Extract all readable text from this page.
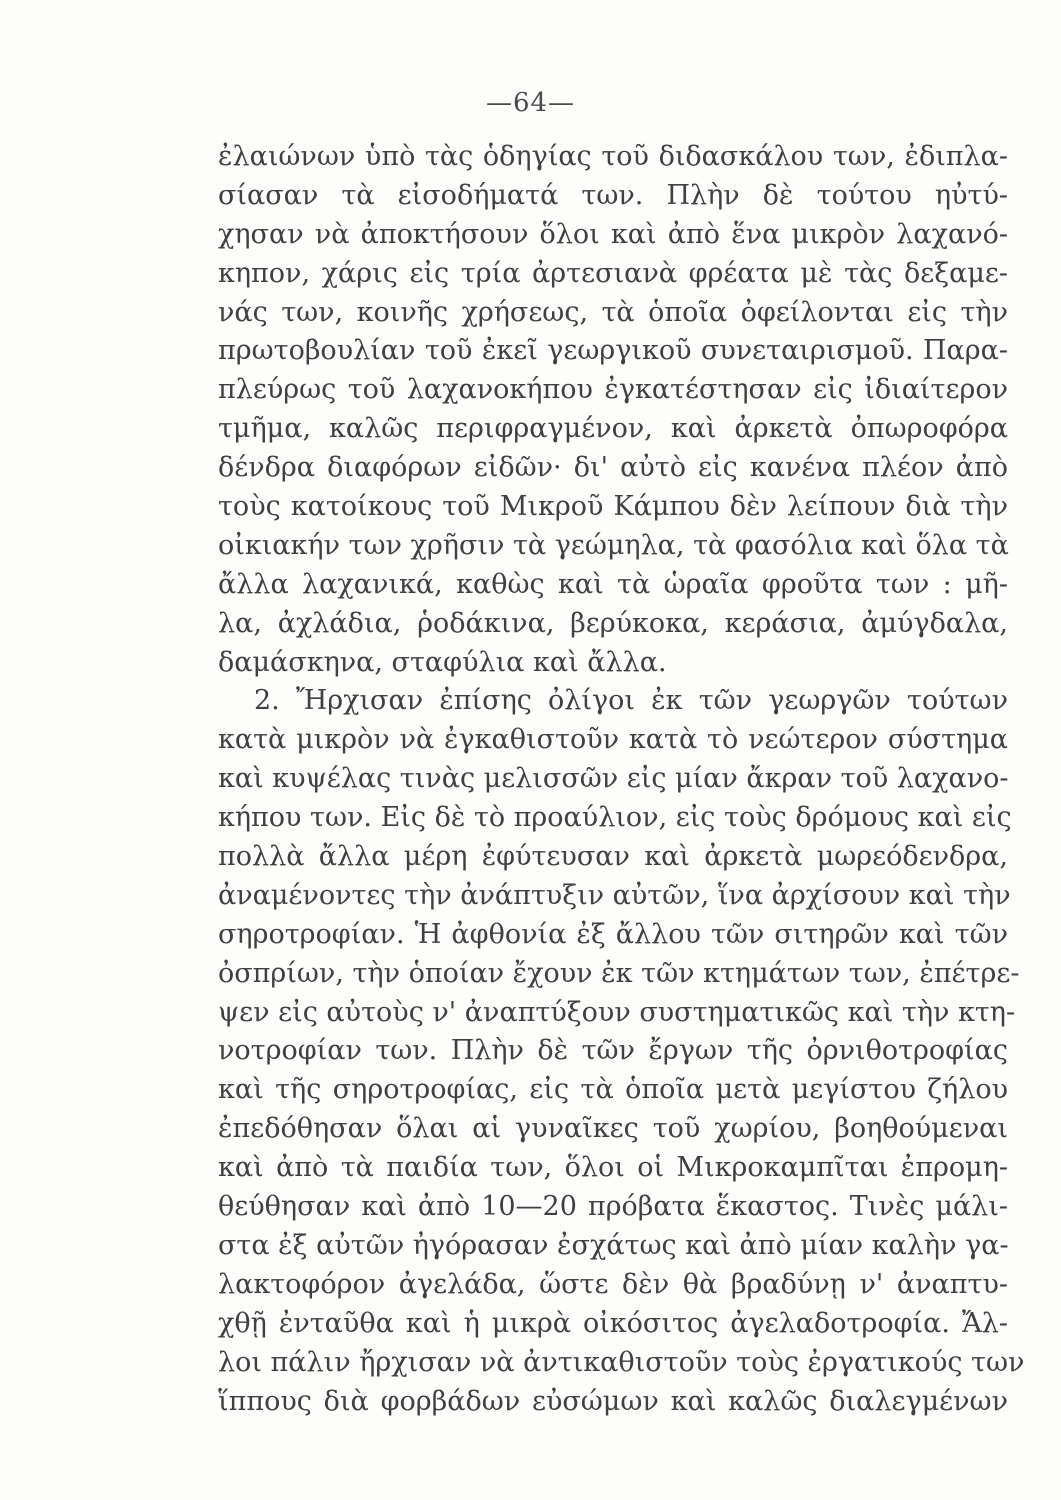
—64—
ἐλαιώνων ὑπὸ τὰς ὁδηγίας τοῦ διδασκάλου των, ἐδιπλα-
σίασαν τὰ εἰσοδήματά των. Πλὴν δὲ τούτου ηὐτύ-
χησαν νὰ ἀποκτήσουν ὅλοι καὶ ἀπὸ ἕνα μικρὸν λαχανό-
κηπον, χάρις εἰς τρία ἀρτεσιανὰ φρέατα μὲ τὰς δεξαμε-
νάς των, κοινῆς χρήσεως, τὰ ὁποῖα ὀφείλονται εἰς τὴν
πρωτοβουλίαν τοῦ ἐκεῖ γεωργικοῦ συνεταιρισμοῦ. Παρα-
πλεύρως τοῦ λαχανοκήπου ἐγκατέστησαν εἰς ἰδιαίτερον
τμῆμα, καλῶς περιφραγμένον, καὶ ἀρκετὰ ὀπωροφόρα
δένδρα διαφόρων εἰδῶν· δι' αὐτὸ εἰς κανένα πλέον ἀπὸ
τοὺς κατοίκους τοῦ Μικροῦ Κάμπου δὲν λείπουν διὰ τὴν
οἰκιακήν των χρῆσιν τὰ γεώμηλα, τὰ φασόλια καὶ ὅλα τὰ
ἄλλα λαχανικά, καθὼς καὶ τὰ ὡραῖα φροῦτα των : μῆ-
λα, ἀχλάδια, ῥοδάκινα, βερύκοκα, κεράσια, ἀμύγδαλα,
δαμάσκηνα, σταφύλια καὶ ἄλλα.
2. Ἤρχισαν ἐπίσης ὀλίγοι ἐκ τῶν γεωργῶν τούτων
κατὰ μικρὸν νὰ ἐγκαθιστοῦν κατὰ τὸ νεώτερον σύστημα
καὶ κυψέλας τινὰς μελισσῶν εἰς μίαν ἄκραν τοῦ λαχανο-
κήπου των. Εἰς δὲ τὸ προαύλιον, εἰς τοὺς δρόμους καὶ εἰς
πολλὰ ἄλλα μέρη ἐφύτευσαν καὶ ἀρκετὰ μωρεόδενδρα,
ἀναμένοντες τὴν ἀνάπτυξιν αὐτῶν, ἵνα ἀρχίσουν καὶ τὴν
σηροτροφίαν. Ἡ ἀφθονία ἐξ ἄλλου τῶν σιτηρῶν καὶ τῶν
ὀσπρίων, τὴν ὁποίαν ἔχουν ἐκ τῶν κτημάτων των, ἐπέτρε-
ψεν εἰς αὐτοὺς ν' ἀναπτύξουν συστηματικῶς καὶ τὴν κτη-
νοτροφίαν των. Πλὴν δὲ τῶν ἔργων τῆς ὀρνιθοτροφίας
καὶ τῆς σηροτροφίας, εἰς τὰ ὁποῖα μετὰ μεγίστου ζήλου
ἐπεδόθησαν ὅλαι αἱ γυναῖκες τοῦ χωρίου, βοηθούμεναι
καὶ ἀπὸ τὰ παιδία των, ὅλοι οἱ Μικροκαμπῖται ἐπρομη-
θεύθησαν καὶ ἀπὸ 10—20 πρόβατα ἕκαστος. Τινὲς μάλι-
στα ἐξ αὐτῶν ἠγόρασαν ἐσχάτως καὶ ἀπὸ μίαν καλὴν γα-
λακτοφόρον ἀγελάδα, ὥστε δὲν θὰ βραδύνῃ ν' ἀναπτυ-
χθῇ ἐνταῦθα καὶ ἡ μικρὰ οἰκόσιτος ἀγελαδοτροφία. Ἄλ-
λοι πάλιν ἤρχισαν νὰ ἀντικαθιστοῦν τοὺς ἐργατικούς των
ἵππους διὰ φορβάδων εὐσώμων καὶ καλῶς διαλεγμένων
